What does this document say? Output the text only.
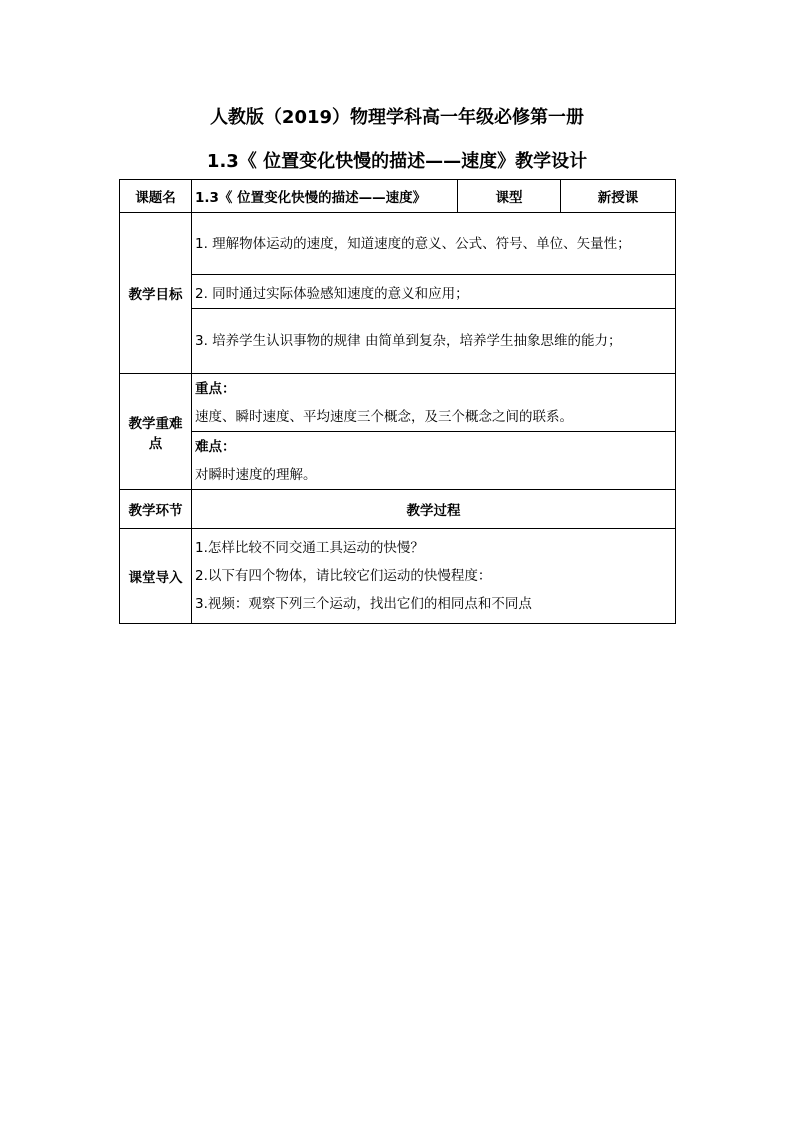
人教版（2019）物理学科高一年级必修第一册
1.3《 位置变化快慢的描述——速度》教学设计
课题名	1.3《 位置变化快慢的描述——速度》	课型	新授课
教学目标	1. 理解物体运动的速度，知道速度的意义、公式、符号、单位、矢量性；		
	2. 同时通过实际体验感知速度的意义和应用；		
	3. 培养学生认识事物的规律 由简单到复杂，培养学生抽象思维的能力；		
教学重难点	重点：
速度、瞬时速度、平均速度三个概念，及三个概念之间的联系。		

	难点：
对瞬时速度的理解。		

教学环节	教学过程		
课堂导入	1.怎样比较不同交通工具运动的快慢？
2.以下有四个物体，请比较它们运动的快慢程度：
3.视频：观察下列三个运动，找出它们的相同点和不同点		
